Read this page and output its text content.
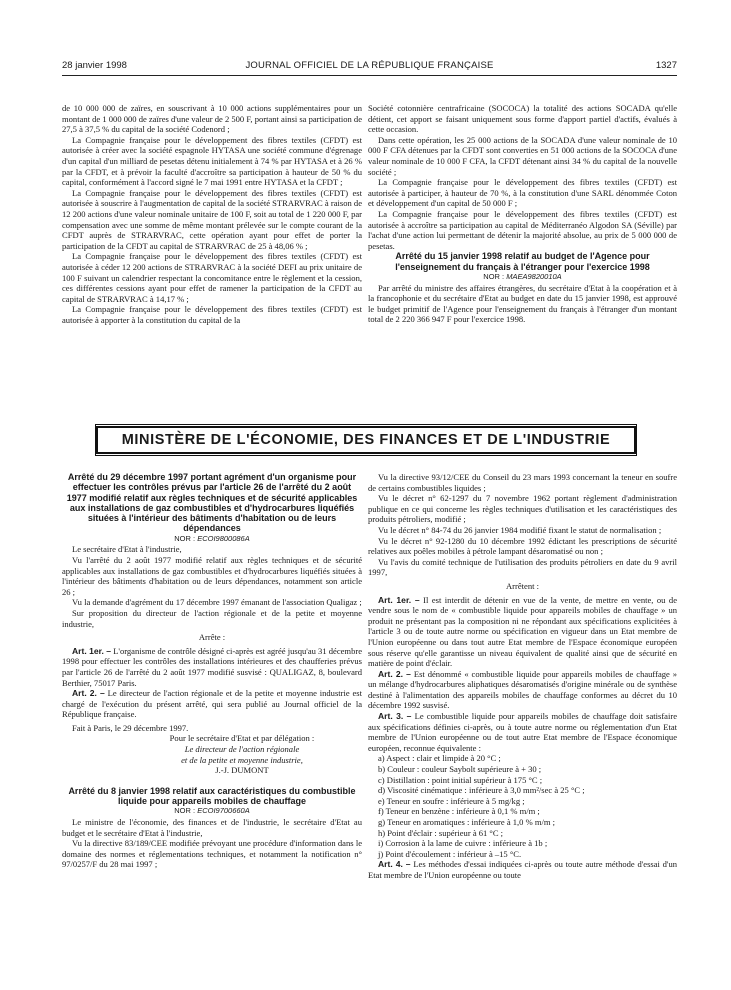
28 janvier 1998	JOURNAL OFFICIEL DE LA RÉPUBLIQUE FRANÇAISE	1327

de 10 000 000 de zaïres, en souscrivant à 10 000 actions supplémentaires pour un montant de 1 000 000 de zaïres d'une valeur de 2 500 F, portant ainsi sa participation de 27,5 à 37,5 % du capital de la société Codenord ;

La Compagnie française pour le développement des fibres textiles (CFDT) est autorisée à créer avec la société espagnole HYTASA une société commune d'égrenage d'un capital d'un milliard de pesetas détenu initialement à 74 % par HYTASA et à 26 % par la CFDT, et à prévoir la faculté d'accroître sa participation à hauteur de 50 % du capital, conformément à l'accord signé le 7 mai 1991 entre HYTASA et la CFDT ;

La Compagnie française pour le développement des fibres textiles (CFDT) est autorisée à souscrire à l'augmentation de capital de la société STRARVRAC à raison de 12 200 actions d'une valeur nominale unitaire de 100 F, soit au total de 1 220 000 F, par compensation avec une somme de même montant prélevée sur le compte courant de la CFDT auprès de STRARVRAC, cette opération ayant pour effet de porter la participation de la CFDT au capital de STRARVRAC de 25 à 48,06 % ;

La Compagnie française pour le développement des fibres textiles (CFDT) est autorisée à céder 12 200 actions de STRARVRAC à la société DEFI au prix unitaire de 100 F suivant un calendrier respectant la concomitance entre le règlement et la cession, ces différentes cessions ayant pour effet de ramener la participation de la CFDT au capital de STRARVRAC à 14,17 % ;

La Compagnie française pour le développement des fibres textiles (CFDT) est autorisée à apporter à la constitution du capital de la

Société cotonnière centrafricaine (SOCOCA) la totalité des actions SOCADA qu'elle détient, cet apport se faisant uniquement sous forme d'apport partiel d'actifs, évalués à cette occasion.

Dans cette opération, les 25 000 actions de la SOCADA d'une valeur nominale de 10 000 F CFA détenues par la CFDT sont converties en 51 000 actions de la SOCOCA d'une valeur nominale de 10 000 F CFA, la CFDT détenant ainsi 34 % du capital de la nouvelle société ;

La Compagnie française pour le développement des fibres textiles (CFDT) est autorisée à participer, à hauteur de 70 %, à la constitution d'une SARL dénommée Coton et développement d'un capital de 50 000 F ;

La Compagnie française pour le développement des fibres textiles (CFDT) est autorisée à accroître sa participation au capital de Méditerranéo Algodon SA (Séville) par l'achat d'une action lui permettant de détenir la majorité absolue, au prix de 5 000 000 de pesetas.

Arrêté du 15 janvier 1998 relatif au budget de l'Agence pour l'enseignement du français à l'étranger pour l'exercice 1998

NOR : MAEA9820010A

Par arrêté du ministre des affaires étrangères, du secrétaire d'Etat à la coopération et à la francophonie et du secrétaire d'Etat au budget en date du 15 janvier 1998, est approuvé le budget primitif de l'Agence pour l'enseignement du français à l'étranger d'un montant total de 2 220 366 947 F pour l'exercice 1998.

MINISTÈRE DE L'ÉCONOMIE, DES FINANCES ET DE L'INDUSTRIE

Arrêté du 29 décembre 1997 portant agrément d'un organisme pour effectuer les contrôles prévus par l'article 26 de l'arrêté du 2 août 1977 modifié relatif aux règles techniques et de sécurité applicables aux installations de gaz combustibles et d'hydrocarbures liquéfiés situées à l'intérieur des bâtiments d'habitation ou de leurs dépendances

NOR : ECOI9800086A

Le secrétaire d'Etat à l'industrie,

Vu l'arrêté du 2 août 1977 modifié relatif aux règles techniques et de sécurité applicables aux installations de gaz combustibles et d'hydrocarbures liquéfiés situées à l'intérieur des bâtiments d'habitation ou de leurs dépendances, notamment son article 26 ;

Vu la demande d'agrément du 17 décembre 1997 émanant de l'association Qualigaz ;

Sur proposition du directeur de l'action régionale et de la petite et moyenne industrie,

Arrête :

Art. 1er. – L'organisme de contrôle désigné ci-après est agréé jusqu'au 31 décembre 1998 pour effectuer les contrôles des installations intérieures et des chaufferies prévus par l'article 26 de l'arrêté du 2 août 1977 modifié susvisé : QUALIGAZ, 8, boulevard Berthier, 75017 Paris.

Art. 2. – Le directeur de l'action régionale et de la petite et moyenne industrie est chargé de l'exécution du présent arrêté, qui sera publié au Journal officiel de la République française.

Fait à Paris, le 29 décembre 1997.

Pour le secrétaire d'Etat et par délégation :

Le directeur de l'action régionale

et de la petite et moyenne industrie,

J.-J. DUMONT

Arrêté du 8 janvier 1998 relatif aux caractéristiques du combustible liquide pour appareils mobiles de chauffage

NOR : ECOI9700660A

Le ministre de l'économie, des finances et de l'industrie, le secrétaire d'Etat au budget et le secrétaire d'Etat à l'industrie,

Vu la directive 83/189/CEE modifiée prévoyant une procédure d'information dans le domaine des normes et réglementations techniques, et notamment la notification n° 97/0257/F du 28 mai 1997 ;

Vu la directive 93/12/CEE du Conseil du 23 mars 1993 concernant la teneur en soufre de certains combustibles liquides ;

Vu le décret n° 62-1297 du 7 novembre 1962 portant règlement d'administration publique en ce qui concerne les règles techniques d'utilisation et les caractéristiques des produits pétroliers, modifié ;

Vu le décret n° 84-74 du 26 janvier 1984 modifié fixant le statut de normalisation ;

Vu le décret n° 92-1280 du 10 décembre 1992 édictant les prescriptions de sécurité relatives aux poêles mobiles à pétrole lampant désaromatisé ou non ;

Vu l'avis du comité technique de l'utilisation des produits pétroliers en date du 9 avril 1997,

Arrêtent :

Art. 1er. – Il est interdit de détenir en vue de la vente, de mettre en vente, ou de vendre sous le nom de « combustible liquide pour appareils mobiles de chauffage » un produit ne présentant pas la composition ni ne répondant aux spécifications explicitées à l'article 3 ou de toute autre norme ou spécification en vigueur dans un Etat membre de l'Union européenne ou dans tout autre Etat membre de l'Espace économique européen sous réserve qu'elle garantisse un niveau équivalent de qualité ainsi que de sécurité en matière de point d'éclair.

Art. 2. – Est dénommé « combustible liquide pour appareils mobiles de chauffage » un mélange d'hydrocarbures aliphatiques désaromatisés d'origine minérale ou de synthèse destiné à l'alimentation des appareils mobiles de chauffage conformes au décret du 10 décembre 1992 susvisé.

Art. 3. – Le combustible liquide pour appareils mobiles de chauffage doit satisfaire aux spécifications définies ci-après, ou à toute autre norme ou réglementation d'un Etat membre de l'Union européenne ou de tout autre Etat membre de l'Espace économique européen, reconnue équivalente :

a) Aspect : clair et limpide à 20 °C ;

b) Couleur : couleur Saybolt supérieure à + 30 ;

c) Distillation : point initial supérieur à 175 °C ;

d) Viscosité cinématique : inférieure à 3,0 mm²/sec à 25 °C ;

e) Teneur en soufre : inférieure à 5 mg/kg ;

f) Teneur en benzène : inférieure à 0,1 % m/m ;

g) Teneur en aromatiques : inférieure à 1,0 % m/m ;

h) Point d'éclair : supérieur à 61 °C ;

i) Corrosion à la lame de cuivre : inférieure à 1b ;

j) Point d'écoulement : inférieur à –15 °C.

Art. 4. – Les méthodes d'essai indiquées ci-après ou toute autre méthode d'essai d'un Etat membre de l'Union européenne ou toute
